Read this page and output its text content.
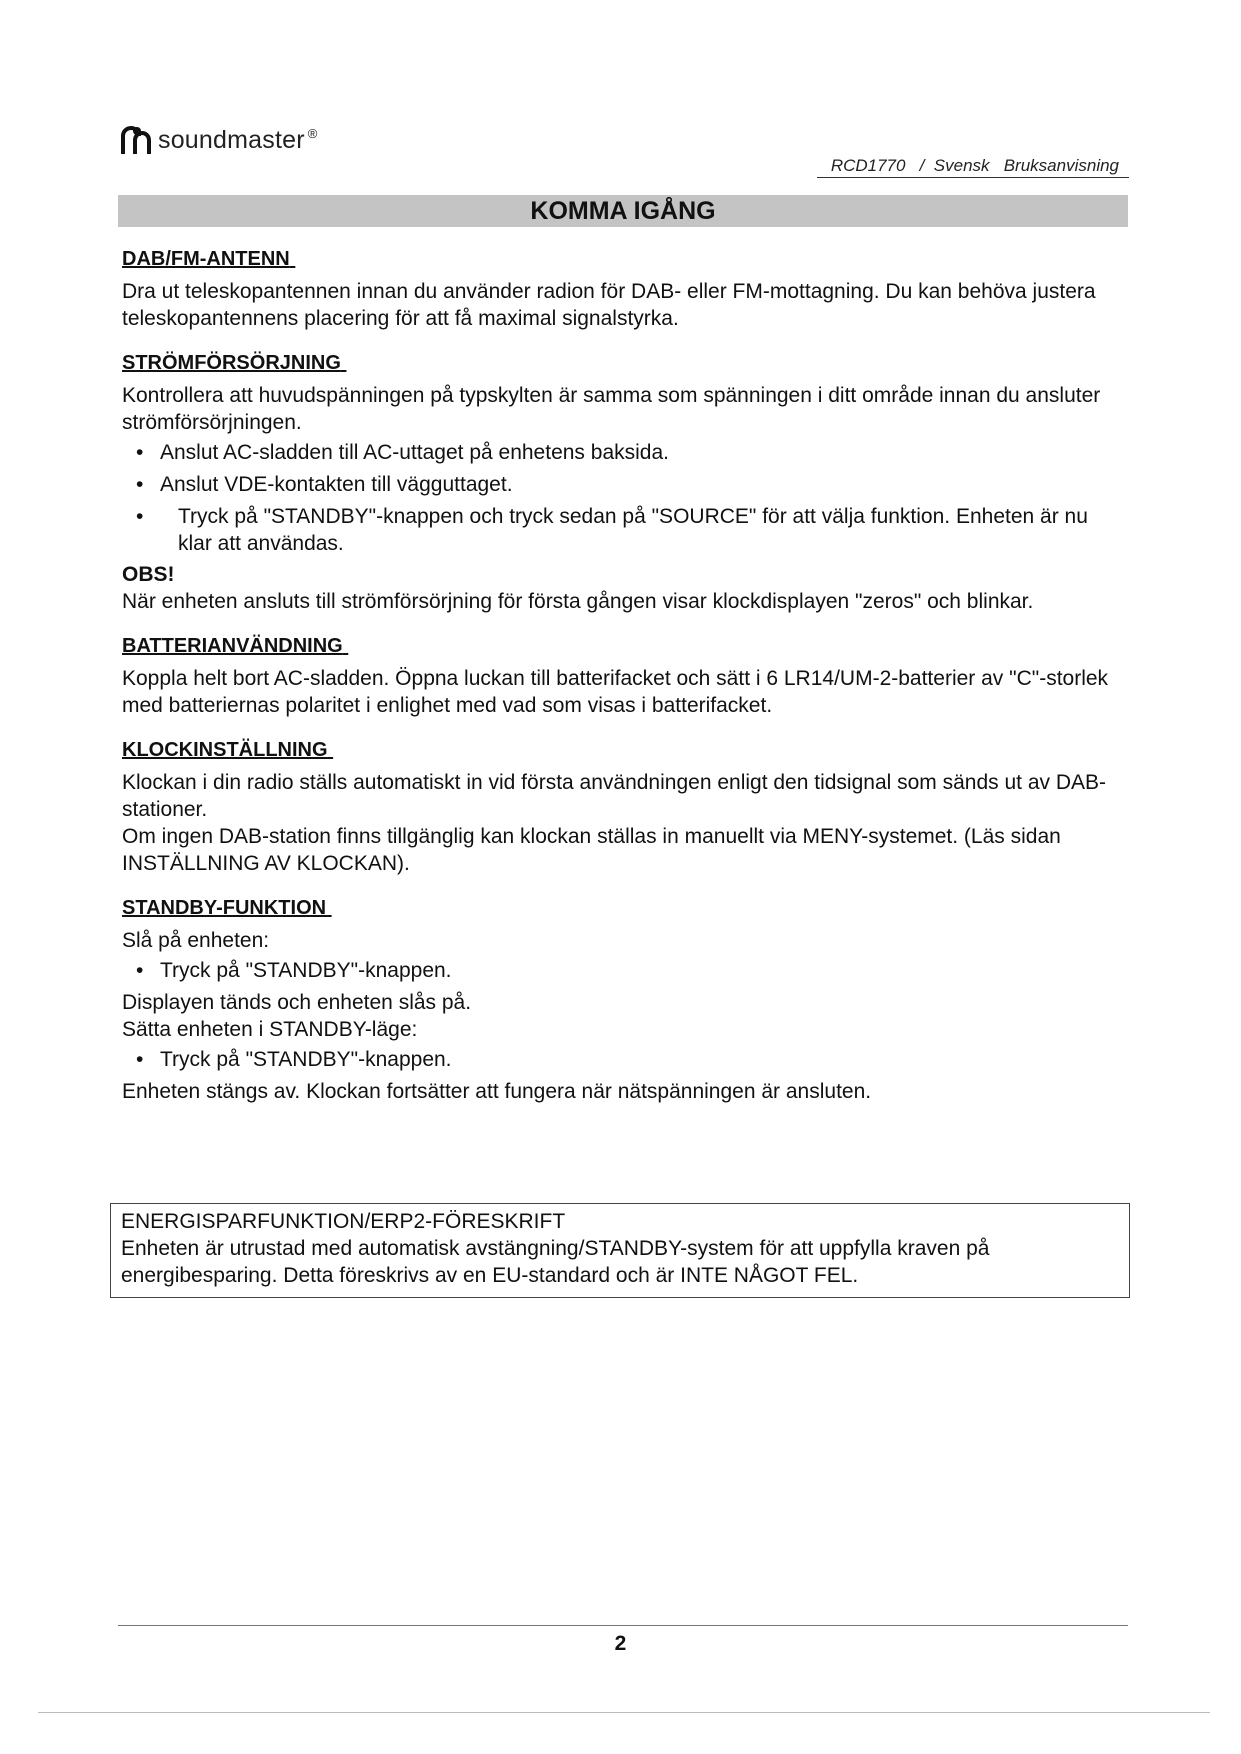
soundmaster ®
RCD1770   /  Svensk   Bruksanvisning
KOMMA IGÅNG
DAB/FM-ANTENN

Dra ut teleskopantennen innan du använder radion för DAB- eller FM-mottagning. Du kan behöva justera teleskopantennens placering för att få maximal signalstyrka.

STRÖMFÖRSÖRJNING

Kontrollera att huvudspänningen på typskylten är samma som spänningen i ditt område innan du ansluter strömförsörjningen.

• Anslut AC-sladden till AC-uttaget på enhetens baksida.
• Anslut VDE-kontakten till vägguttaget.
• Tryck på "STANDBY"-knappen och tryck sedan på "SOURCE" för att välja funktion. Enheten är nu klar att användas.
OBS!

När enheten ansluts till strömförsörjning för första gången visar klockdisplayen "zeros" och blinkar.

BATTERIANVÄNDNING

Koppla helt bort AC-sladden. Öppna luckan till batterifacket och sätt i 6 LR14/UM-2-batterier av "C"-storlek med batteriernas polaritet i enlighet med vad som visas i batterifacket.

KLOCKINSTÄLLNING

Klockan i din radio ställs automatiskt in vid första användningen enligt den tidsignal som sänds ut av DAB-stationer.

Om ingen DAB-station finns tillgänglig kan klockan ställas in manuellt via MENY-systemet. (Läs sidan INSTÄLLNING AV KLOCKAN).

STANDBY-FUNKTION

Slå på enheten:

• Tryck på "STANDBY"-knappen.

Displayen tänds och enheten slås på.

Sätta enheten i STANDBY-läge:

• Tryck på "STANDBY"-knappen.

Enheten stängs av. Klockan fortsätter att fungera när nätspänningen är ansluten.

ENERGISPARFUNKTION/ERP2-FÖRESKRIFT
Enheten är utrustad med automatisk avstängning/STANDBY-system för att uppfylla kraven på energibesparing. Detta föreskrivs av en EU-standard och är INTE NÅGOT FEL.
2
